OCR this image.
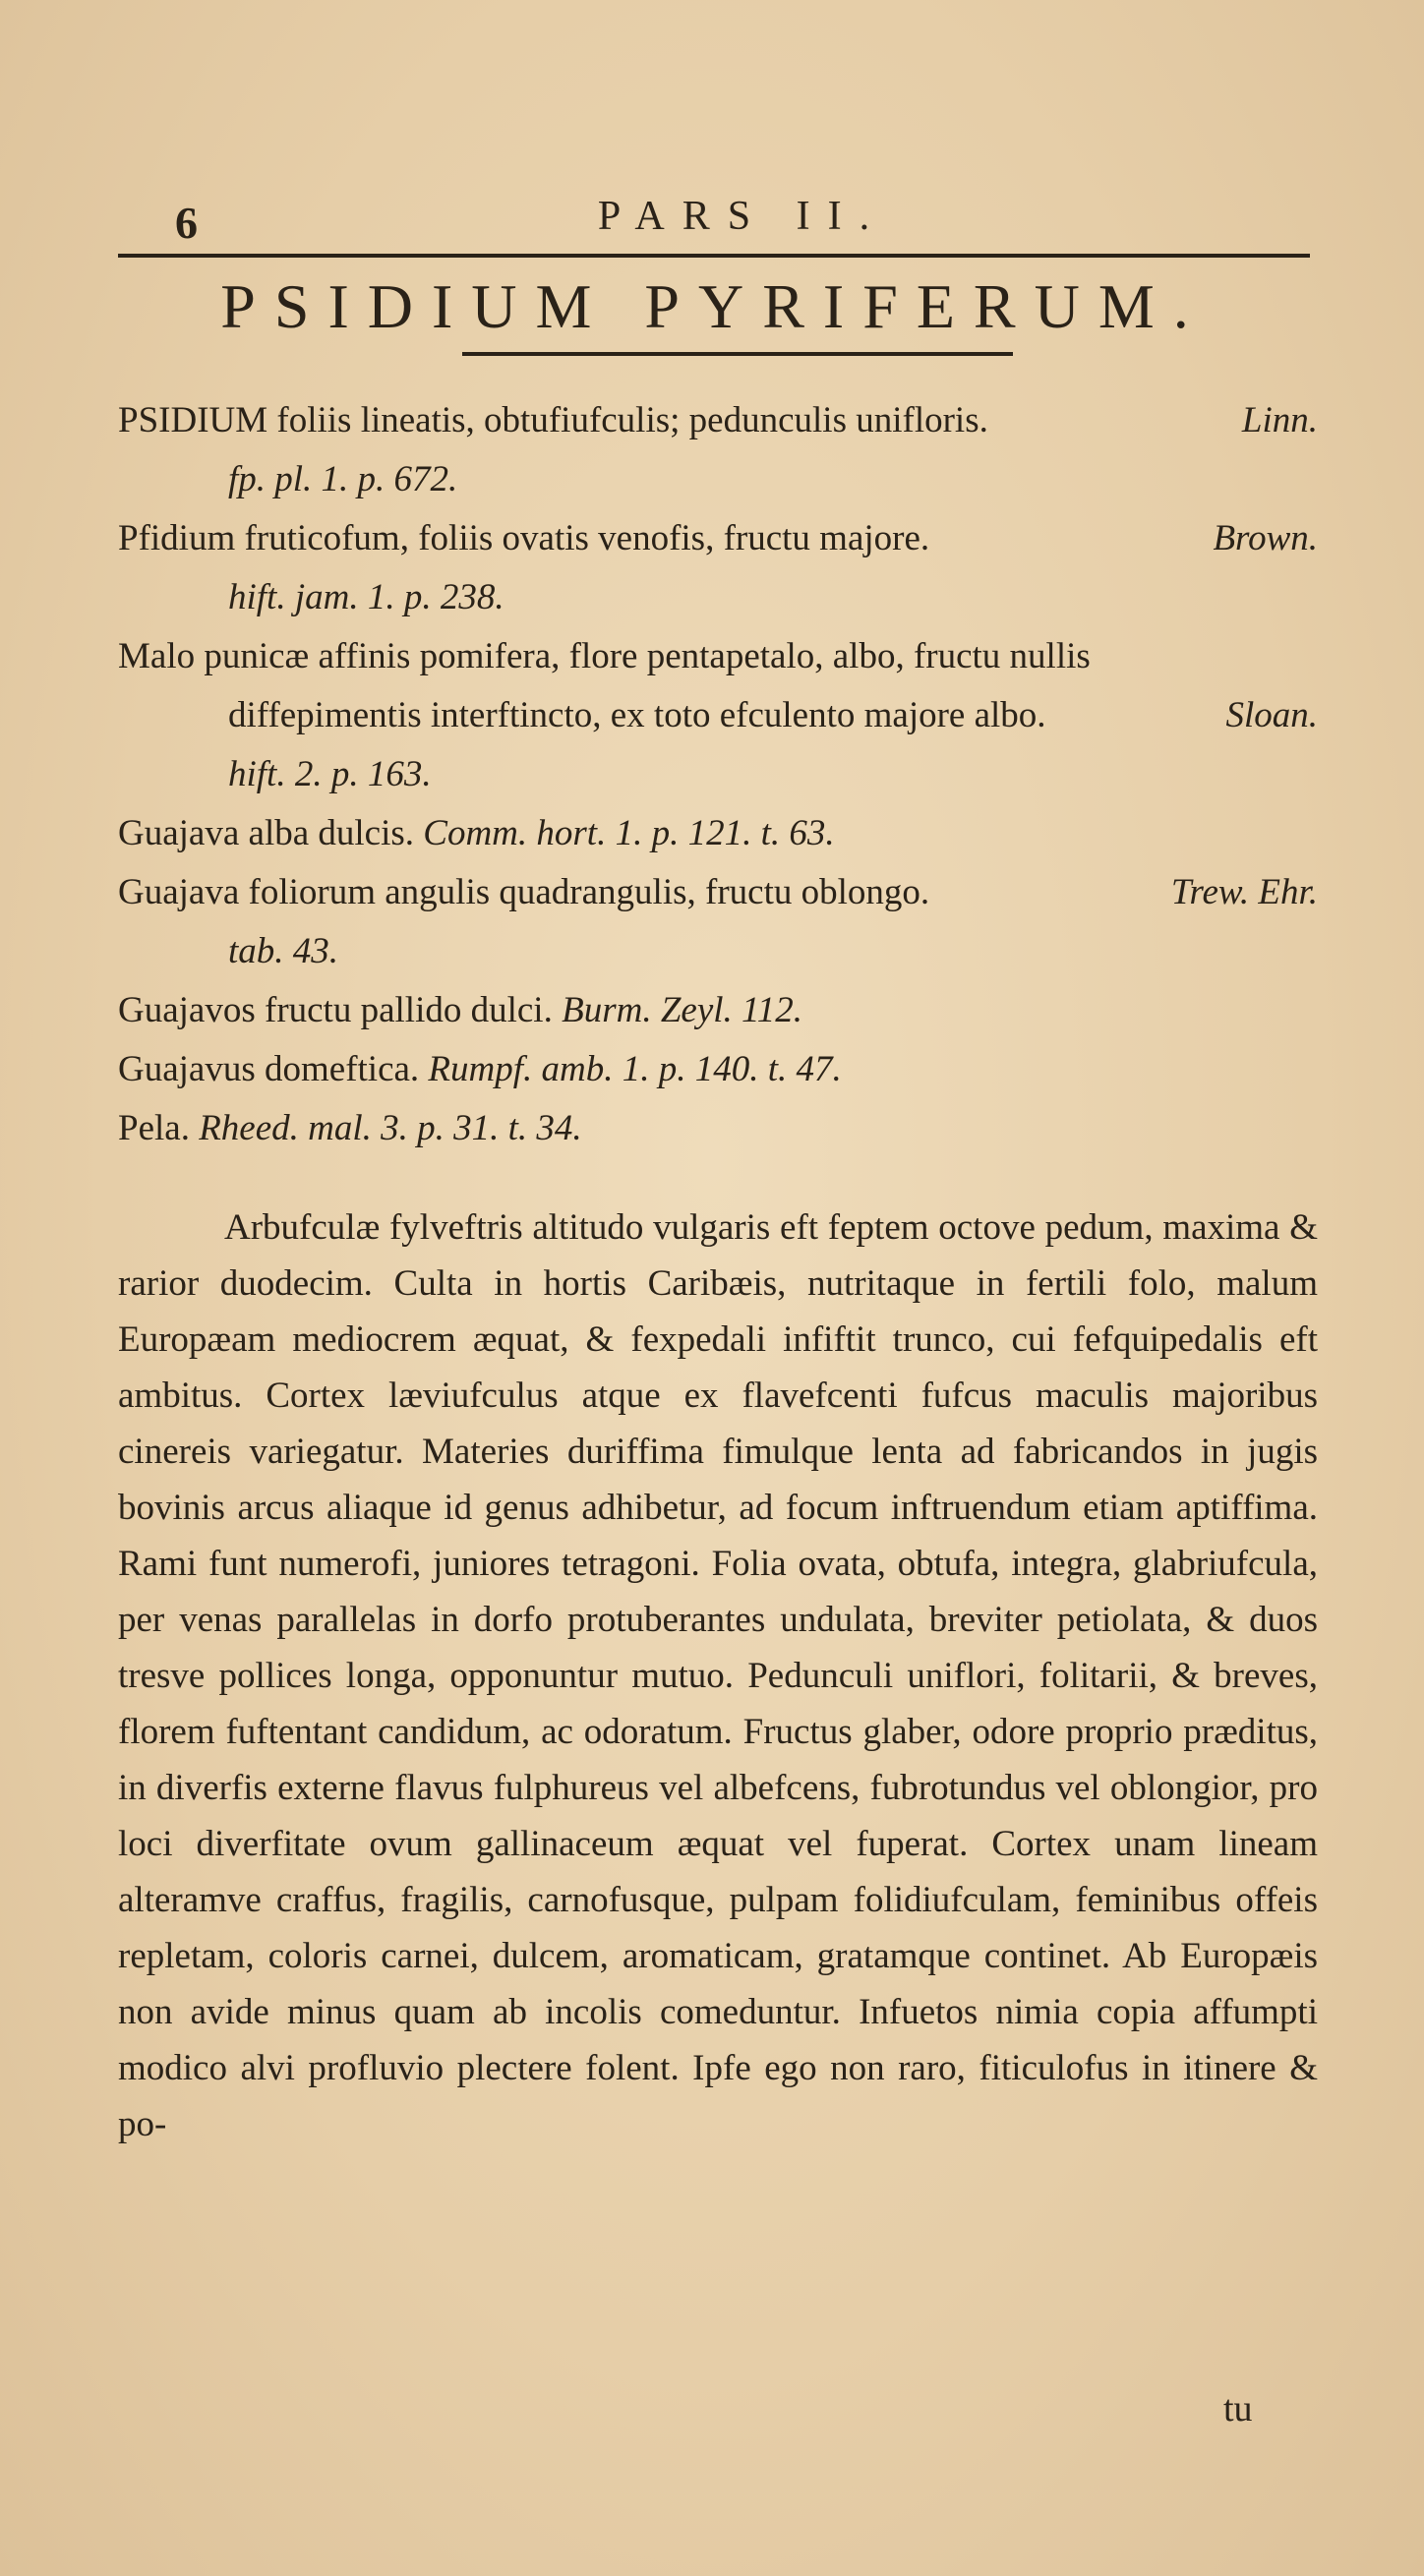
6	PARS II.
PSIDIUM PYRIFERUM.
PSIDIUM foliis lineatis, obtufiufculis; pedunculis unifloris.	Linn.
fp. pl. 1. p. 672.
Pfidium fruticofum, foliis ovatis venofis, fructu majore.	Brown.
hift. jam. 1. p. 238.
Malo punicæ affinis pomifera, flore pentapetalo, albo, fructu nullis
diffepimentis interftincto, ex toto efculento majore albo.	Sloan.
hift. 2. p. 163.
Guajava alba dulcis. Comm. hort. 1. p. 121. t. 63.
Guajava foliorum angulis quadrangulis, fructu oblongo.	Trew. Ehr.
tab. 43.
Guajavos fructu pallido dulci. Burm. Zeyl. 112.
Guajavus domeftica. Rumpf. amb. 1. p. 140. t. 47.
Pela. Rheed. mal. 3. p. 31. t. 34.

Arbufculæ fylveftris altitudo vulgaris eft feptem octove pedum, maxima & rarior duodecim. Culta in hortis Caribæis, nutritaque in fertili folo, malum Europæam mediocrem æquat, & fexpedali infiftit trunco, cui fefquipedalis eft ambitus. Cortex læviufculus atque ex flavefcenti fufcus maculis majoribus cinereis variegatur. Materies duriffima fimulque lenta ad fabricandos in jugis bovinis arcus aliaque id genus adhibetur, ad focum inftruendum etiam aptiffima. Rami funt numerofi, juniores tetragoni. Folia ovata, obtufa, integra, glabriufcula, per venas parallelas in dorfo protuberantes undulata, breviter petiolata, & duos tresve pollices longa, opponuntur mutuo. Pedunculi uniflori, folitarii, & breves, florem fuftentant candidum, ac odoratum. Fructus glaber, odore proprio præditus, in diverfis externe flavus fulphureus vel albefcens, fubrotundus vel oblongior, pro loci diverfitate ovum gallinaceum æquat vel fuperat. Cortex unam lineam alteramve craffus, fragilis, carnofusque, pulpam folidiufculam, feminibus offeis repletam, coloris carnei, dulcem, aromaticam, gratamque continet. Ab Europæis non avide minus quam ab incolis comeduntur. Infuetos nimia copia affumpti modico alvi profluvio plectere folent. Ipfe ego non raro, fiticulofus in itinere & po-

tu
